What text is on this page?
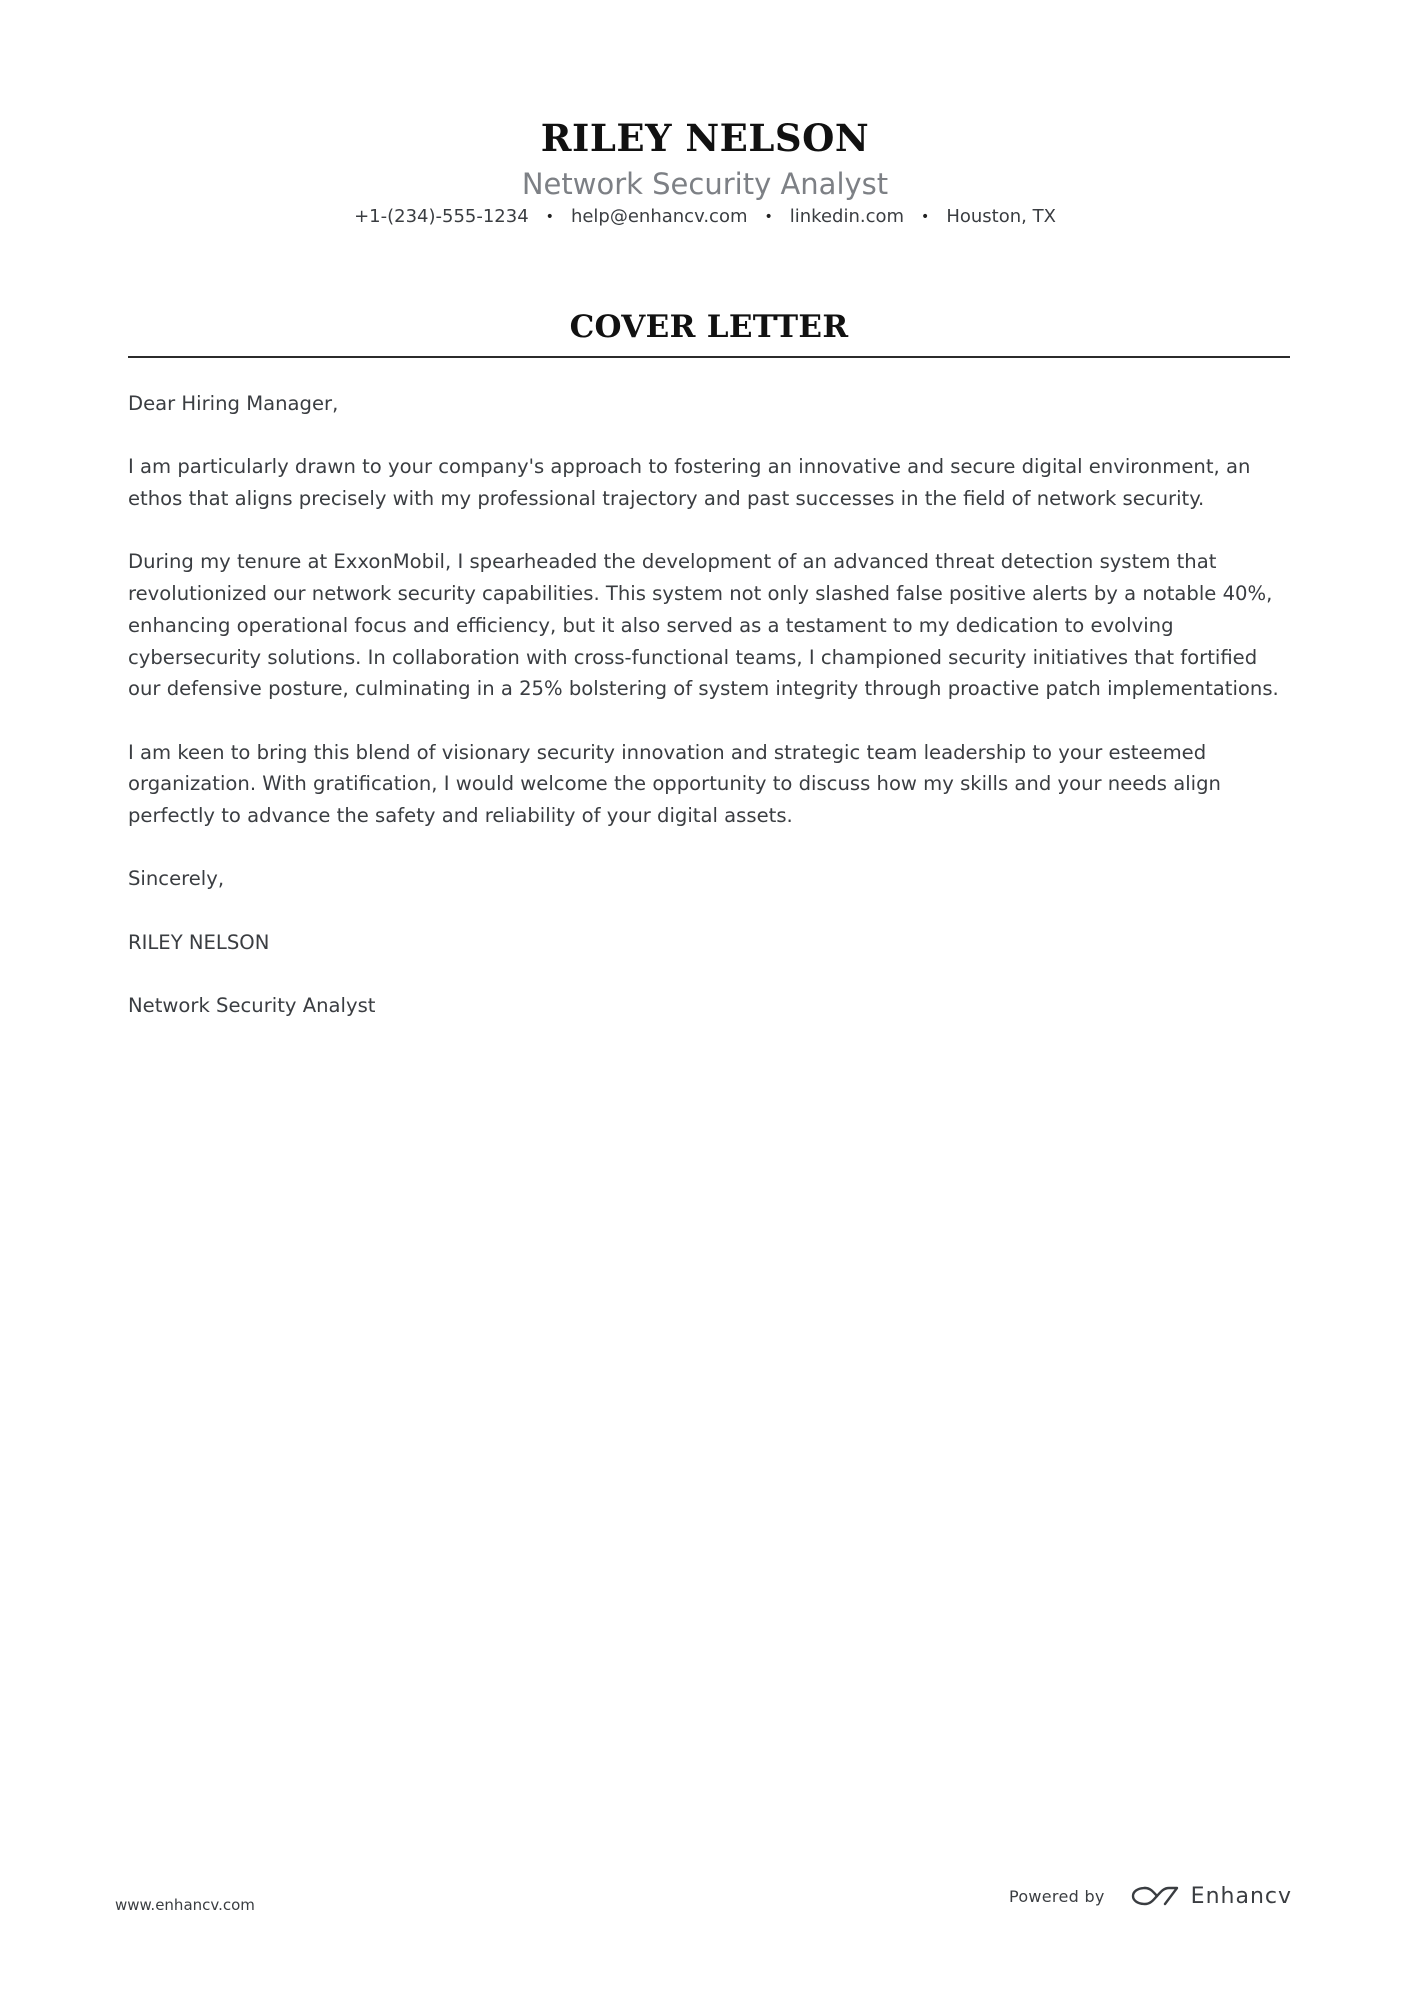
RILEY NELSON
Network Security Analyst
+1-(234)-555-1234 • help@enhancv.com • linkedin.com • Houston, TX
COVER LETTER

Dear Hiring Manager,

I am particularly drawn to your company's approach to fostering an innovative and secure digital environment, an ethos that aligns precisely with my professional trajectory and past successes in the field of network security.

During my tenure at ExxonMobil, I spearheaded the development of an advanced threat detection system that revolutionized our network security capabilities. This system not only slashed false positive alerts by a notable 40%, enhancing operational focus and efficiency, but it also served as a testament to my dedication to evolving cybersecurity solutions. In collaboration with cross-functional teams, I championed security initiatives that fortified our defensive posture, culminating in a 25% bolstering of system integrity through proactive patch implementations.

I am keen to bring this blend of visionary security innovation and strategic team leadership to your esteemed organization. With gratification, I would welcome the opportunity to discuss how my skills and your needs align perfectly to advance the safety and reliability of your digital assets.

Sincerely,

RILEY NELSON

Network Security Analyst

www.enhancv.com	Powered by	Enhancv
